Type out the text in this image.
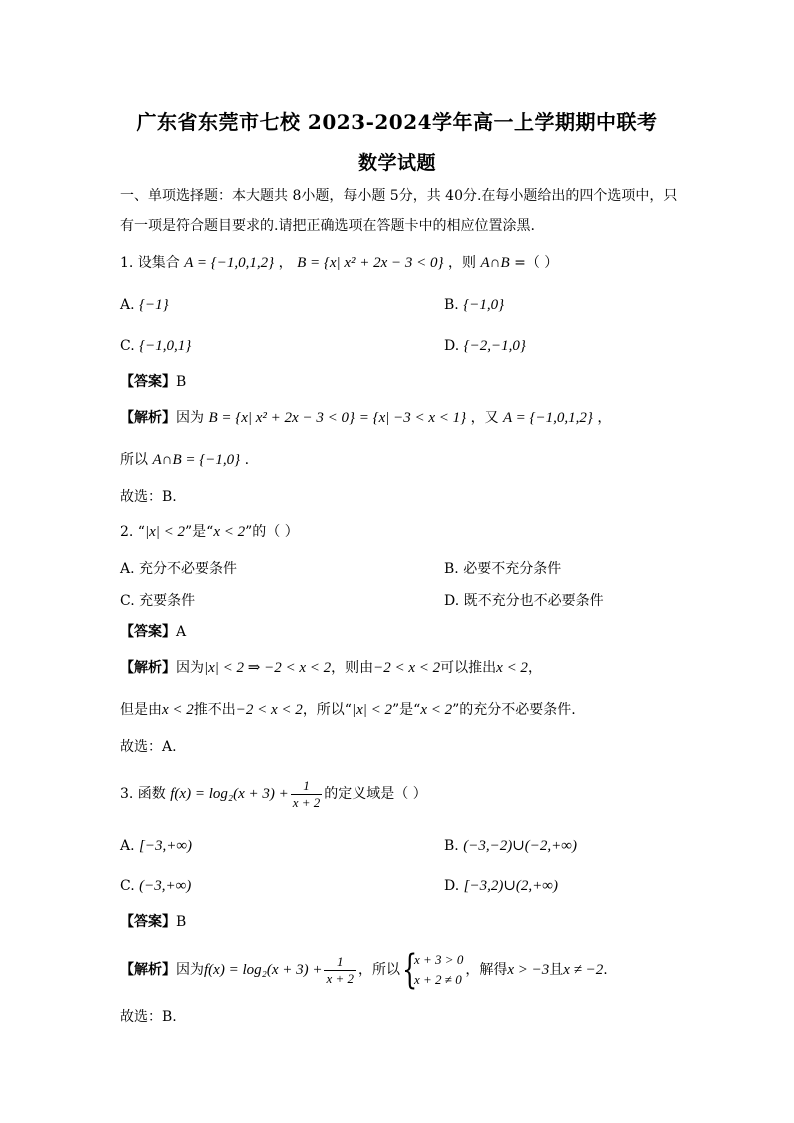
广东省东莞市七校 2023-2024学年高一上学期期中联考
数学试题
一、单项选择题：本大题共 8小题，每小题 5分，共 40分.在每小题给出的四个选项中，只
有一项是符合题目要求的.请把正确选项在答题卡中的相应位置涂黑.
1. 设集合 A = {−1,0,1,2} ， B = {x| x² + 2x − 3 < 0} ，则 A∩B =（ ）
A. {−1}	B. {−1,0}
C. {−1,0,1}	D. {−2,−1,0}
【答案】B
【解析】因为 B = {x| x² + 2x − 3 < 0} = {x| −3 < x < 1} ，又 A = {−1,0,1,2} ，
所以 A∩B = {−1,0} .
故选：B.
2. “|x| < 2”是“x < 2”的（ ）
A. 充分不必要条件	B. 必要不充分条件
C. 充要条件	D. 既不充分也不必要条件
【答案】A
【解析】因为|x| < 2 ⇒ −2 < x < 2，则由−2 < x < 2可以推出x < 2，
但是由x < 2推不出−2 < x < 2，所以“|x| < 2”是“x < 2”的充分不必要条件.
故选：A.
3. 函数 $f(x) = \log_2(x + 3) + \frac{1}{x + 2}$ 的定义域是（ ）
A. [−3,+∞)	B. (−3,−2)∪(−2,+∞)
C. (−3,+∞)	D. [−3,2)∪(2,+∞)
【答案】B
【解析】因为$f(x) = \log_2(x + 3) + \frac{1}{x + 2}$ ，所以 {
x + 3 > 0
x + 2 ≠ 0
，解得x > −3且x ≠ −2.
故选：B.
